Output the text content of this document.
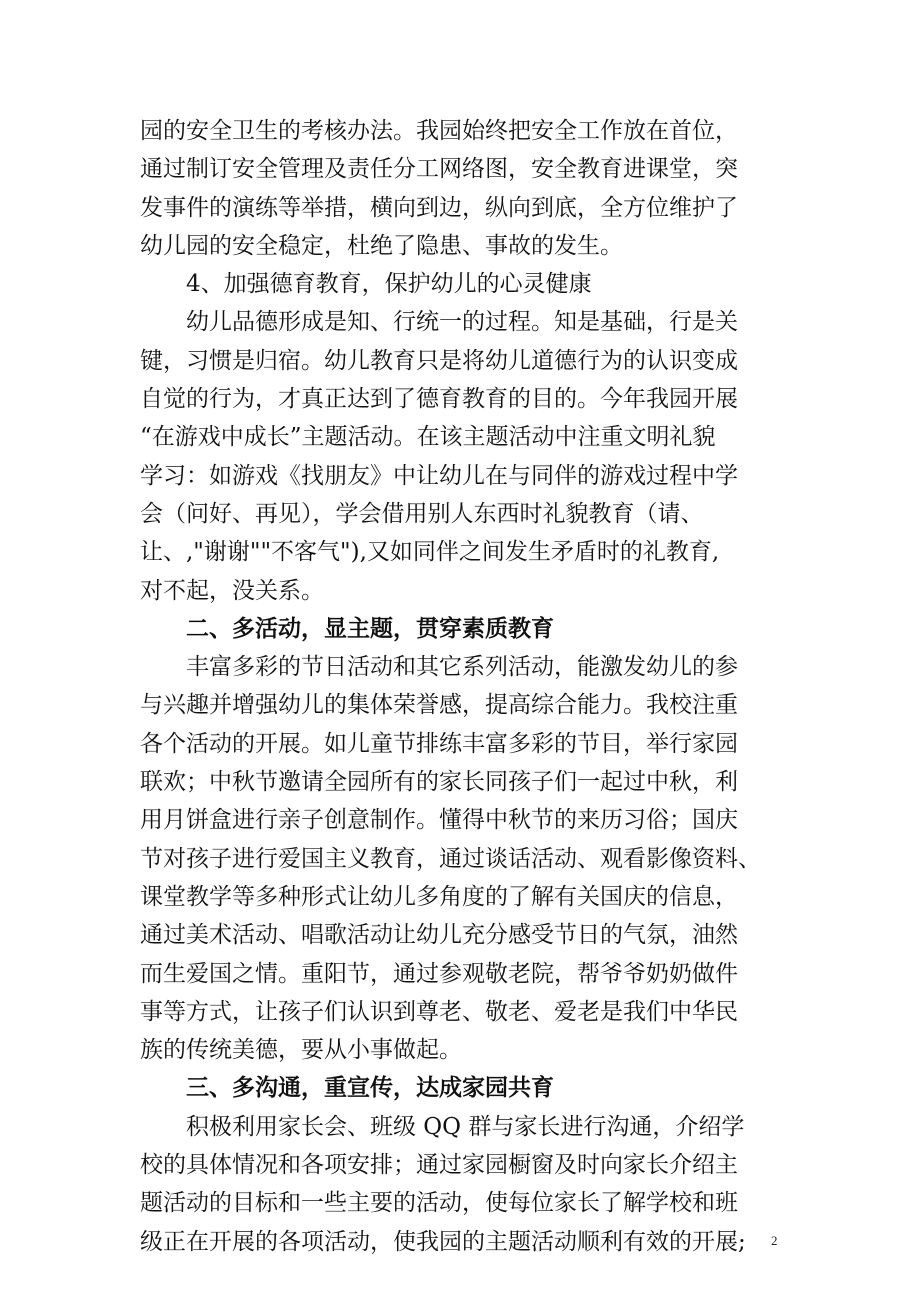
园的安全卫生的考核办法。我园始终把安全工作放在首位，
通过制订安全管理及责任分工网络图，安全教育进课堂，突
发事件的演练等举措，横向到边，纵向到底，全方位维护了
幼儿园的安全稳定，杜绝了隐患、事故的发生。
4、加强德育教育，保护幼儿的心灵健康
幼儿品德形成是知、行统一的过程。知是基础，行是关
键，习惯是归宿。幼儿教育只是将幼儿道德行为的认识变成
自觉的行为，才真正达到了德育教育的目的。今年我园开展
“在游戏中成长”主题活动。在该主题活动中注重文明礼貌
学习：如游戏《找朋友》中让幼儿在与同伴的游戏过程中学
会（问好、再见），学会借用别人东西时礼貌教育（请、
让、,"谢谢""不客气"),又如同伴之间发生矛盾时的礼教育,
对不起，没关系。
二、多活动，显主题，贯穿素质教育
丰富多彩的节日活动和其它系列活动，能激发幼儿的参
与兴趣并增强幼儿的集体荣誉感，提高综合能力。我校注重
各个活动的开展。如儿童节排练丰富多彩的节目，举行家园
联欢；中秋节邀请全园所有的家长同孩子们一起过中秋，利
用月饼盒进行亲子创意制作。懂得中秋节的来历习俗；国庆
节对孩子进行爱国主义教育，通过谈话活动、观看影像资料、
课堂教学等多种形式让幼儿多角度的了解有关国庆的信息，
通过美术活动、唱歌活动让幼儿充分感受节日的气氛，油然
而生爱国之情。重阳节，通过参观敬老院，帮爷爷奶奶做件
事等方式，让孩子们认识到尊老、敬老、爱老是我们中华民
族的传统美德，要从小事做起。
三、多沟通，重宣传，达成家园共育
积极利用家长会、班级 QQ 群与家长进行沟通，介绍学
校的具体情况和各项安排；通过家园橱窗及时向家长介绍主
题活动的目标和一些主要的活动，使每位家长了解学校和班
级正在开展的各项活动，使我园的主题活动顺利有效的开展;	2
